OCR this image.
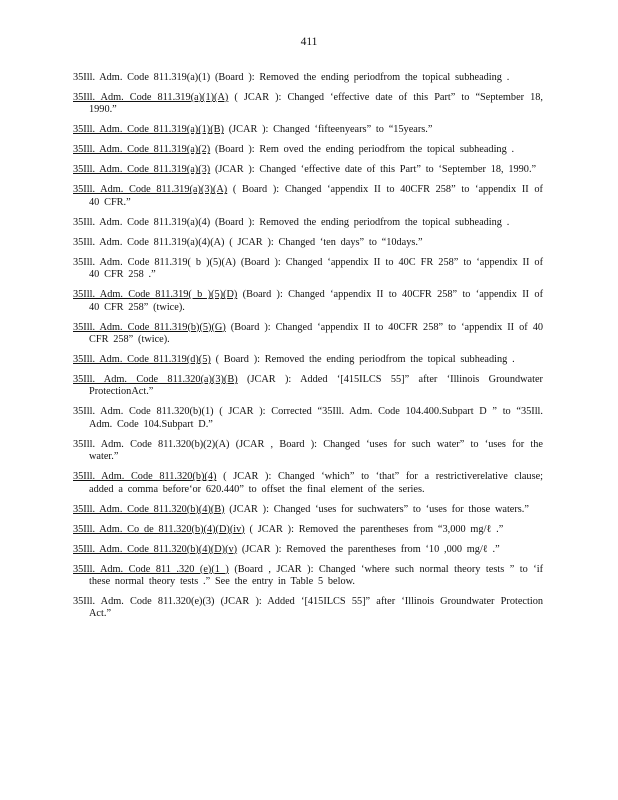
411

35Ill. Adm. Code 811.319(a)(1) (Board ): Removed the ending periodfrom the topical subheading .

35Ill. Adm. Code 811.319(a)(1)(A) ( JCAR ): Changed ‘effective date of this Part” to “September 18, 1990.”

35Ill. Adm. Code 811.319(a)(1)(B) (JCAR ): Changed ‘fifteenyears” to “15years.”

35Ill. Adm. Code 811.319(a)(2) (Board ): Rem oved the ending periodfrom the topical subheading .

35Ill. Adm. Code 811.319(a)(3) (JCAR ): Changed ‘effective date of this Part” to ‘September 18, 1990.”

35Ill. Adm. Code 811.319(a)(3)(A) ( Board ): Changed ‘appendix II to 40CFR 258” to ‘appendix II of 40 CFR.”

35Ill. Adm. Code 811.319(a)(4) (Board ): Removed the ending periodfrom the topical subheading .

35Ill. Adm. Code 811.319(a)(4)(A) ( JCAR ): Changed ‘ten days” to “10days.”

35Ill. Adm. Code 811.319( b )(5)(A) (Board ): Changed ‘appendix II to 40C FR 258” to ‘appendix II of 40 CFR 258 .”

35Ill. Adm. Code 811.319( b )(5)(D) (Board ): Changed ‘appendix II to 40CFR 258” to ‘appendix II of 40 CFR 258” (twice).

35Ill. Adm. Code 811.319(b)(5)(G) (Board ): Changed ‘appendix II to 40CFR 258” to ‘appendix II of 40 CFR 258” (twice).

35Ill. Adm. Code 811.319(d)(5) ( Board ): Removed the ending periodfrom the topical subheading .

35Ill. Adm. Code 811.320(a)(3)(B) (JCAR ): Added ‘[415ILCS 55]” after ‘Illinois Groundwater ProtectionAct.”

35Ill. Adm. Code 811.320(b)(1) ( JCAR ): Corrected “35Ill. Adm. Code 104.400.Subpart D ” to “35Ill. Adm. Code 104.Subpart D.”

35Ill. Adm. Code 811.320(b)(2)(A) (JCAR , Board ): Changed ‘uses for such water” to ‘uses for the water.”

35Ill. Adm. Code 811.320(b)(4) ( JCAR ): Changed ‘which” to ‘that” for a restrictiverelative clause; added a comma before‘or 620.440” to offset the final element of the series.

35Ill. Adm. Code 811.320(b)(4)(B) (JCAR ): Changed ‘uses for suchwaters” to ‘uses for those waters.”

35Ill. Adm. Co de 811.320(b)(4)(D)(iv) ( JCAR ): Removed the parentheses from “3,000 mg/ℓ .”

35Ill. Adm. Code 811.320(b)(4)(D)(v) (JCAR ): Removed the parentheses from ‘10 ,000 mg/ℓ .”

35Ill. Adm. Code 811 .320 (e)(1 ) (Board , JCAR ): Changed ‘where such normal theory tests ” to ‘if these normal theory tests .” See the entry in Table 5 below.

35Ill. Adm. Code 811.320(e)(3) (JCAR ): Added ‘[415ILCS 55]” after ‘Illinois Groundwater Protection Act.”
